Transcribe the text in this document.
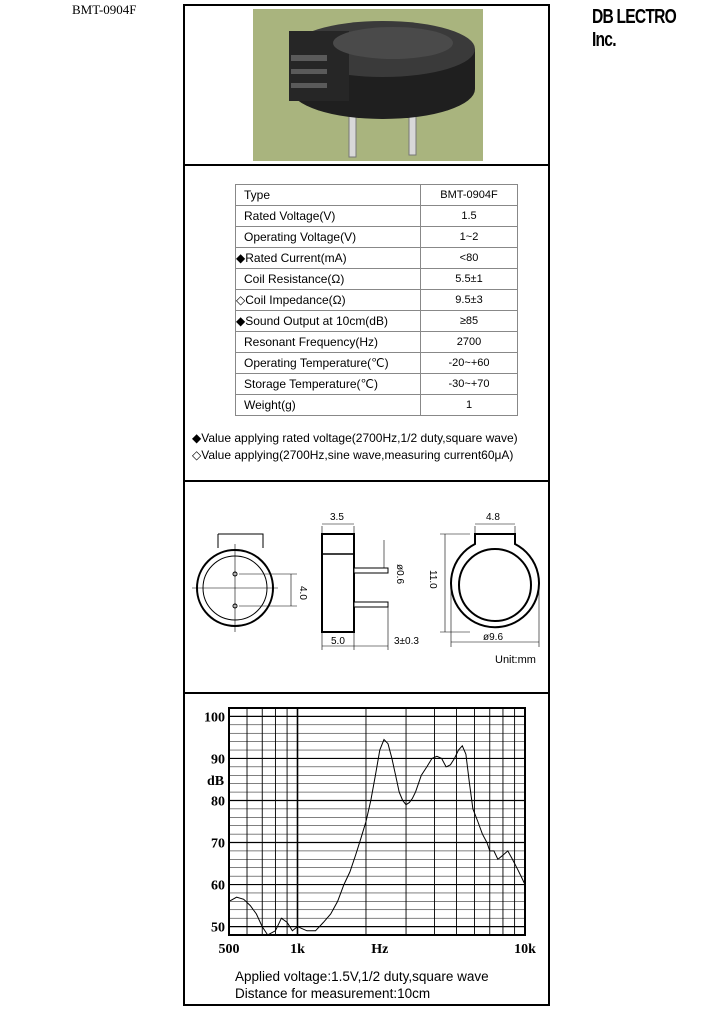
BMT-0904F	DB LECTRO Inc.
Type	BMT-0904F
Rated Voltage(V)	1.5
Operating Voltage(V)	1~2
◆Rated Current(mA)	<80
Coil Resistance(Ω)	5.5±1
◇Coil Impedance(Ω)	9.5±3
◆Sound Output at 10cm(dB)	≥85
Resonant Frequency(Hz)	2700
Operating Temperature(℃)	-20~+60
Storage Temperature(℃)	-30~+70
Weight(g)	1
◆Value applying rated voltage(2700Hz,1/2 duty,square wave)
◇Value applying(2700Hz,sine wave,measuring current60μA)
3.5
ø0.6
4.0
5.0	3±0.3
4.8
11.0
ø9.6
Unit:mm
100
90
80
70
60
50
500	1k	Hz	10k
dB
Applied voltage:1.5V,1/2 duty,square wave
Distance for measurement:10cm
